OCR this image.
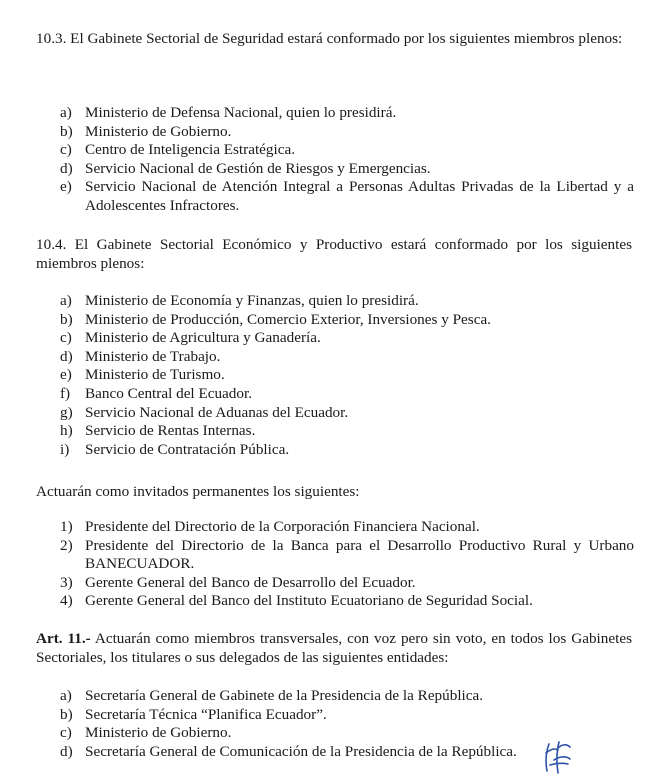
10.3. El Gabinete Sectorial de Seguridad estará conformado por los siguientes miembros plenos:

a) Ministerio de Defensa Nacional, quien lo presidirá.
b) Ministerio de Gobierno.
c) Centro de Inteligencia Estratégica.
d) Servicio Nacional de Gestión de Riesgos y Emergencias.
e) Servicio Nacional de Atención Integral a Personas Adultas Privadas de la Libertad y a Adolescentes Infractores.

10.4. El Gabinete Sectorial Económico y Productivo estará conformado por los siguientes miembros plenos:

a) Ministerio de Economía y Finanzas, quien lo presidirá.
b) Ministerio de Producción, Comercio Exterior, Inversiones y Pesca.
c) Ministerio de Agricultura y Ganadería.
d) Ministerio de Trabajo.
e) Ministerio de Turismo.
f) Banco Central del Ecuador.
g) Servicio Nacional de Aduanas del Ecuador.
h) Servicio de Rentas Internas.
i) Servicio de Contratación Pública.

Actuarán como invitados permanentes los siguientes:

1) Presidente del Directorio de la Corporación Financiera Nacional.
2) Presidente del Directorio de la Banca para el Desarrollo Productivo Rural y Urbano BANECUADOR.
3) Gerente General del Banco de Desarrollo del Ecuador.
4) Gerente General del Banco del Instituto Ecuatoriano de Seguridad Social.

Art. 11.- Actuarán como miembros transversales, con voz pero sin voto, en todos los Gabinetes Sectoriales, los titulares o sus delegados de las siguientes entidades:

a) Secretaría General de Gabinete de la Presidencia de la República.
b) Secretaría Técnica “Planifica Ecuador”.
c) Ministerio de Gobierno.
d) Secretaría General de Comunicación de la Presidencia de la República.
